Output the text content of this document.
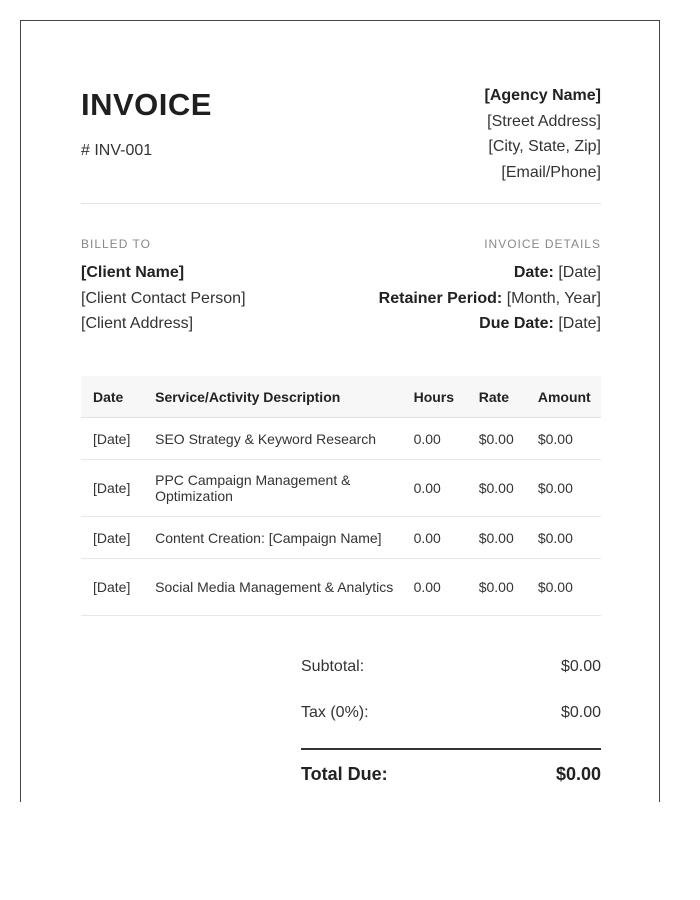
INVOICE
# INV-001
[Agency Name]
[Street Address]
[City, State, Zip]
[Email/Phone]
BILLED TO
[Client Name]
[Client Contact Person]
[Client Address]
INVOICE DETAILS
Date: [Date]
Retainer Period: [Month, Year]
Due Date: [Date]
Date	Service/Activity Description	Hours	Rate	Amount
[Date]	SEO Strategy & Keyword Research	0.00	$0.00	$0.00
[Date]	PPC Campaign Management & Optimization	0.00	$0.00	$0.00
[Date]	Content Creation: [Campaign Name]	0.00	$0.00	$0.00
[Date]	Social Media Management & Analytics	0.00	$0.00	$0.00
Subtotal:	$0.00
Tax (0%):	$0.00
Total Due:	$0.00
